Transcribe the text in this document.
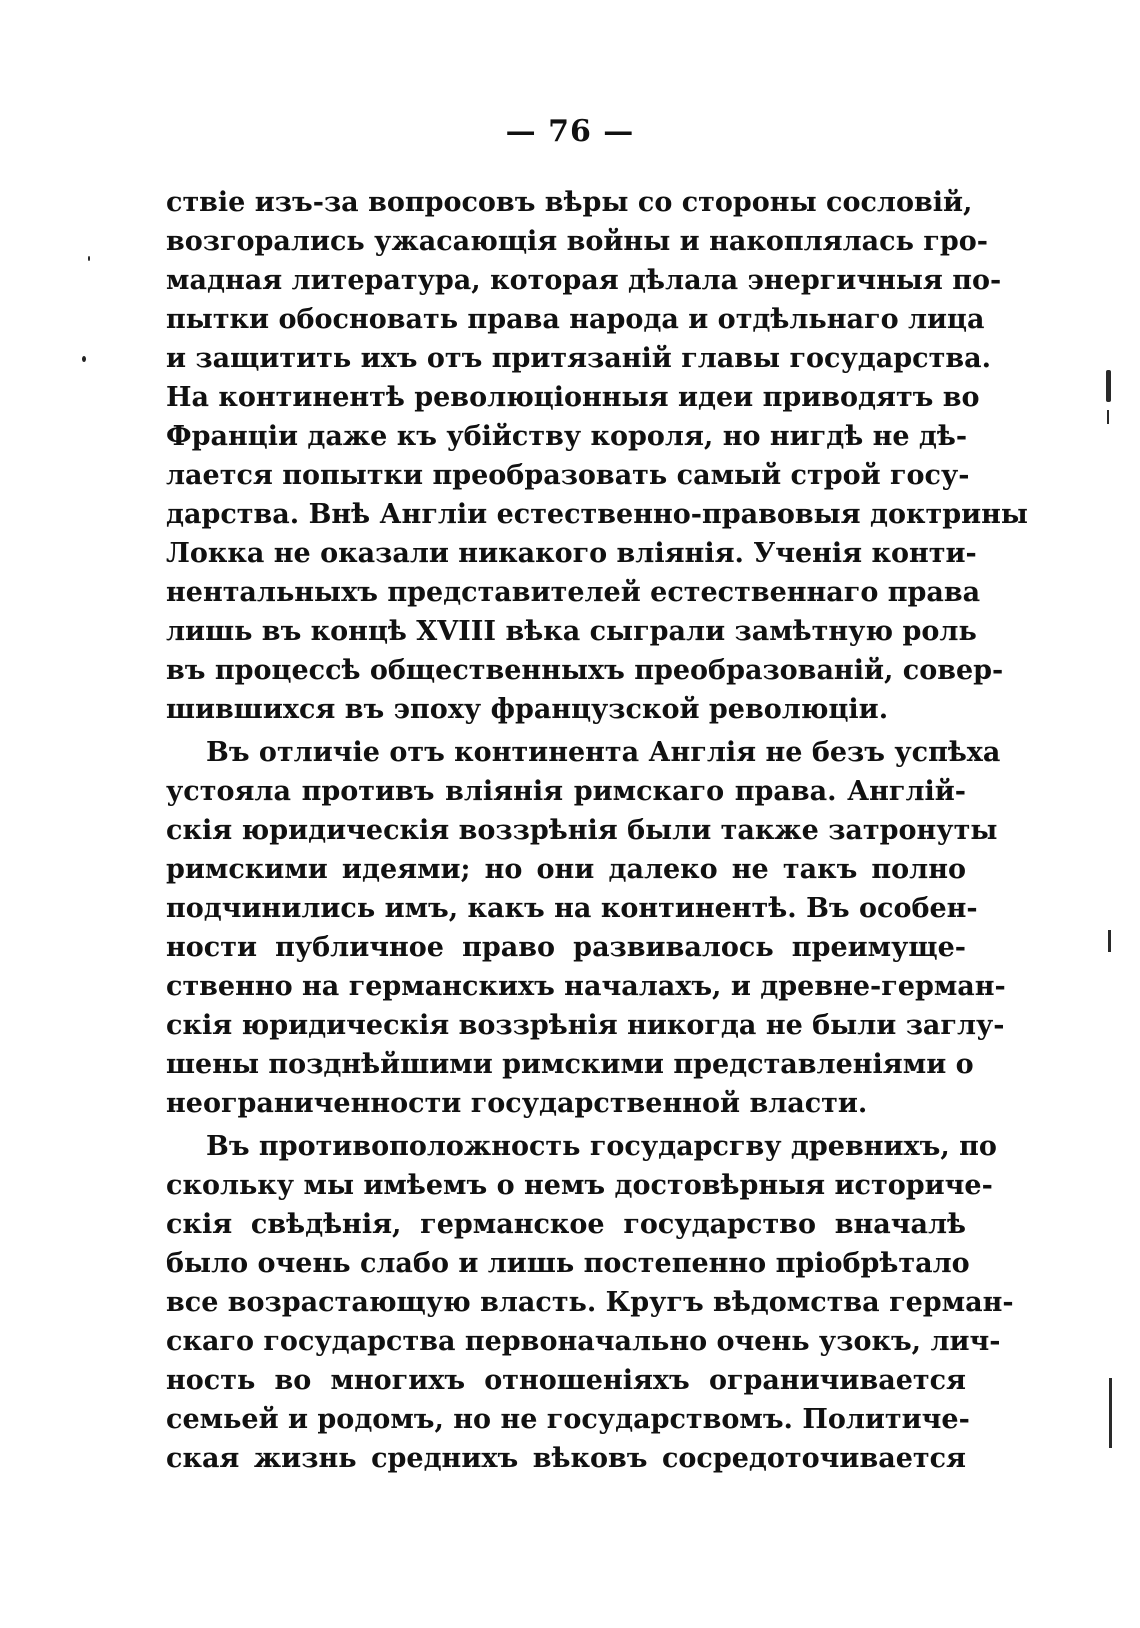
— 76 —
ствіе изъ-за вопросовъ вѣры со стороны сословій,
возгорались ужасающія войны и накоплялась гро-
мадная литература, которая дѣлала энергичныя по-
пытки обосновать права народа и отдѣльнаго лица
и защитить ихъ отъ притязаній главы государства.
На континентѣ революціонныя идеи приводятъ во
Франціи даже къ убійству короля, но нигдѣ не дѣ-
лается попытки преобразовать самый строй госу-
дарства. Внѣ Англіи естественно-правовыя доктрины
Локка не оказали никакого вліянія. Ученія конти-
нентальныхъ представителей естественнаго права
лишь въ концѣ XVIII вѣка сыграли замѣтную роль
въ процессѣ общественныхъ преобразованій, совер-
шившихся въ эпоху французской революціи.
Въ отличіе отъ континента Англія не безъ успѣха
устояла противъ вліянія римскаго права. Англій-
скія юридическія воззрѣнія были также затронуты
римскими идеями; но они далеко не такъ полно
подчинились имъ, какъ на континентѣ. Въ особен-
ности публичное право развивалось преимуще-
ственно на германскихъ началахъ, и древне-герман-
скія юридическія воззрѣнія никогда не были заглу-
шены позднѣйшими римскими представленіями о
неограниченности государственной власти.
Въ противоположность государсгву древнихъ, по
скольку мы имѣемъ о немъ достовѣрныя историче-
скія свѣдѣнія, германское государство вначалѣ
было очень слабо и лишь постепенно пріобрѣтало
все возрастающую власть. Кругъ вѣдомства герман-
скаго государства первоначально очень узокъ, лич-
ность во многихъ отношеніяхъ ограничивается
семьей и родомъ, но не государствомъ. Политиче-
ская жизнь среднихъ вѣковъ сосредоточивается
